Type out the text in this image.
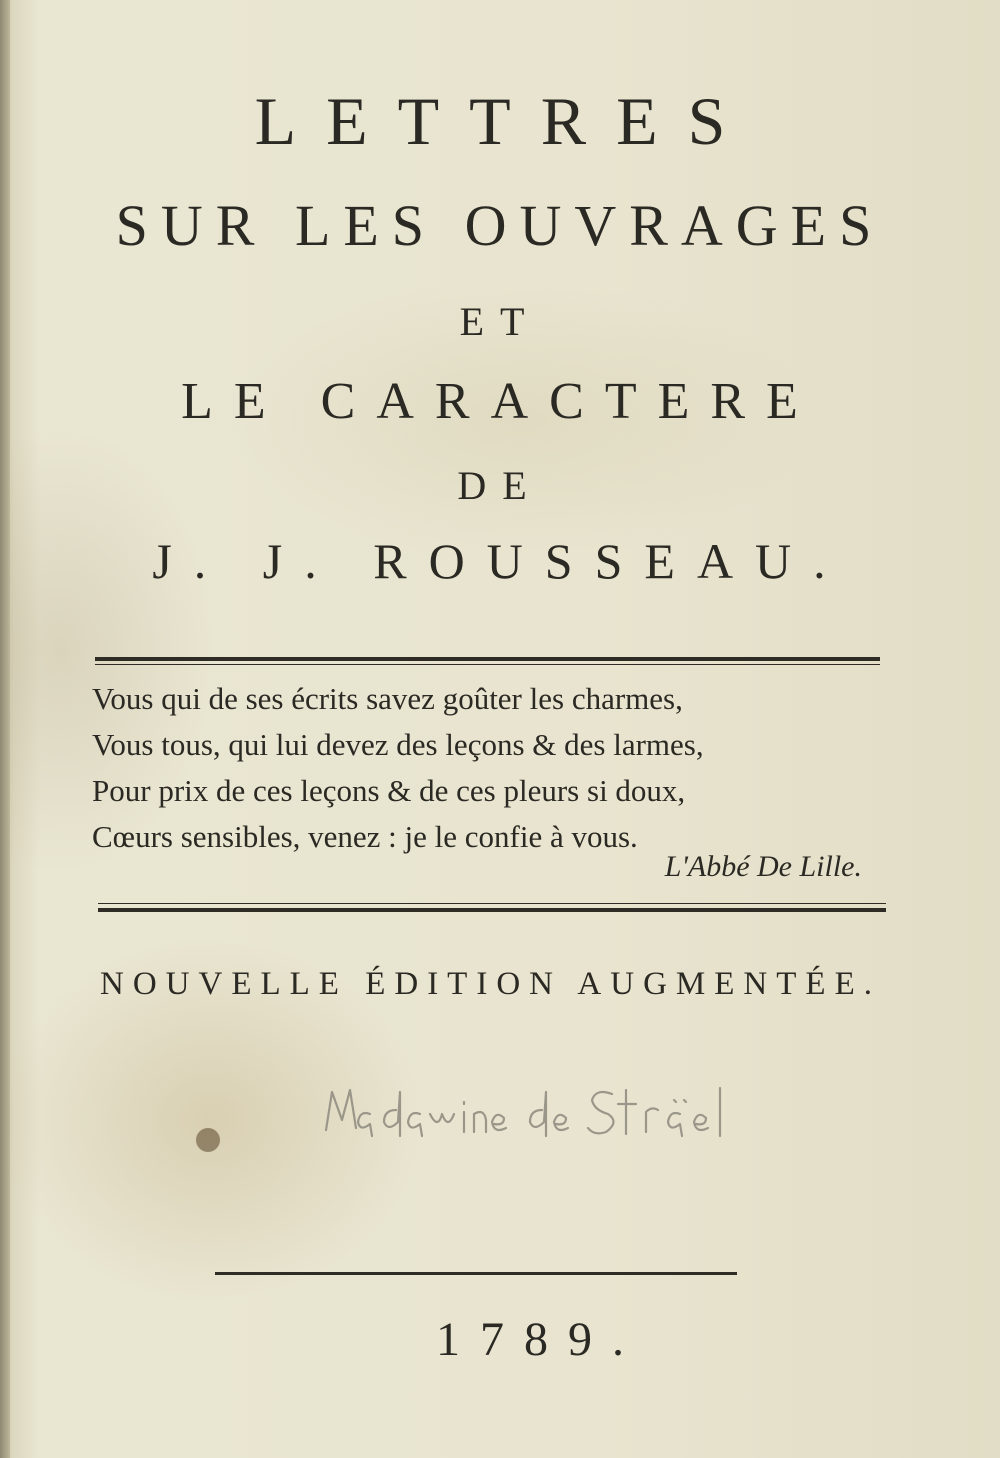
LETTRES
SUR LES OUVRAGES
ET
LE CARACTERE
DE
J. J. ROUSSEAU.
Vous qui de ses écrits savez goûter les charmes,
Vous tous, qui lui devez des leçons & des larmes,
Pour prix de ces leçons & de ces pleurs si doux,
Cœurs sensibles, venez : je le confie à vous.
L'Abbé De Lille.
NOUVELLE ÉDITION AUGMENTÉE.
1789.
